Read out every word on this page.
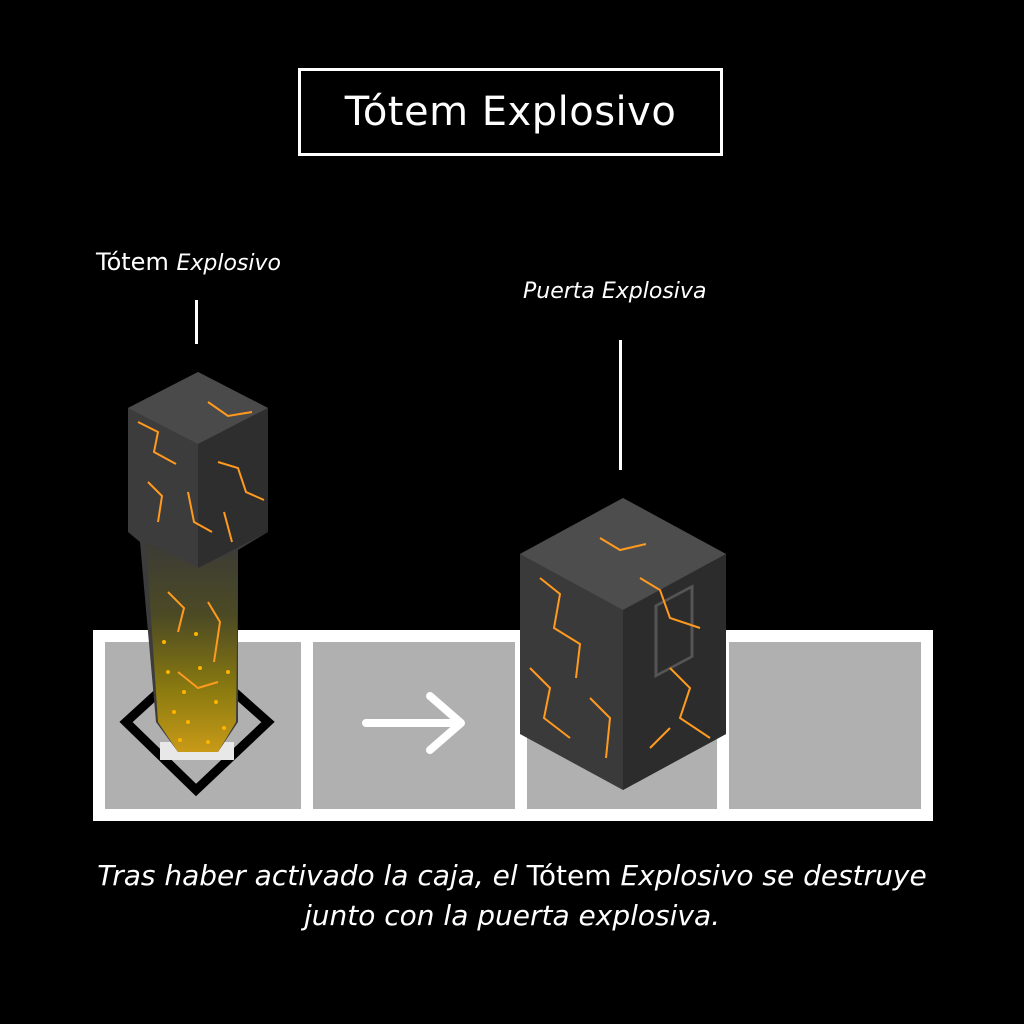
Tótem Explosivo
Tótem Explosivo
Puerta Explosiva
Tras haber activado la caja, el Tótem Explosivo se destruye
junto con la puerta explosiva.
